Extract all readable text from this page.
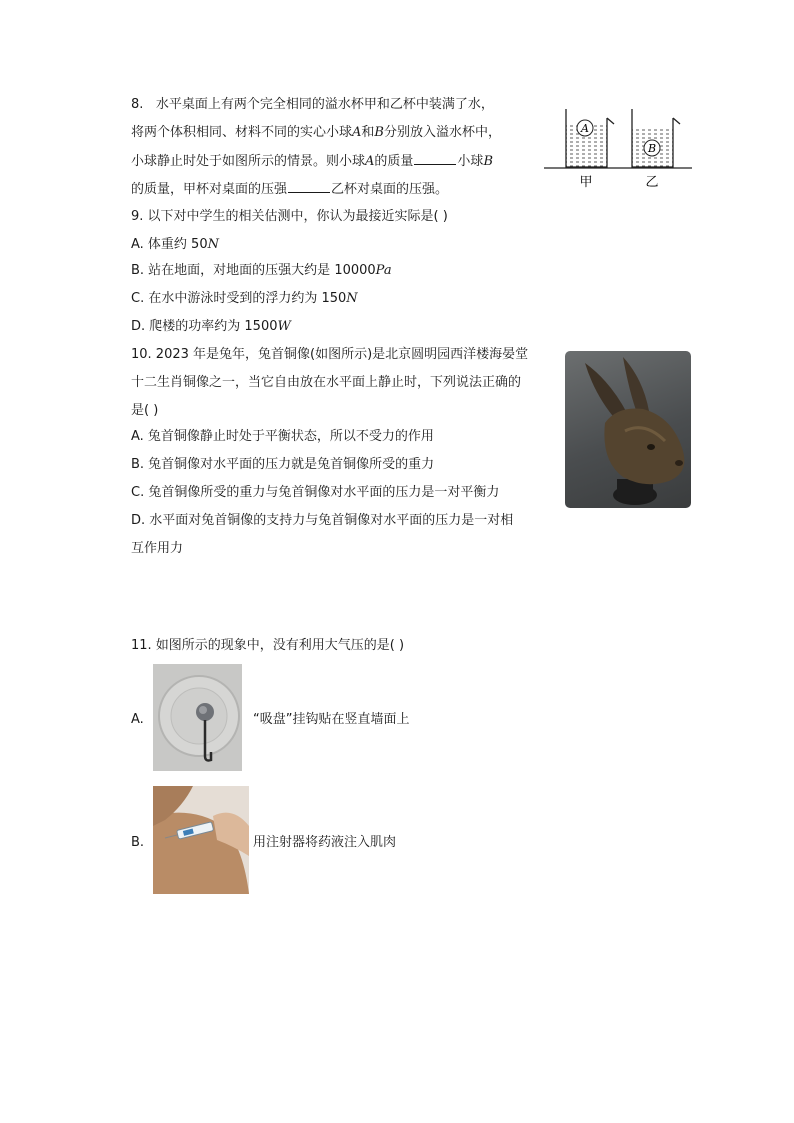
8. 水平桌面上有两个完全相同的溢水杯甲和乙杯中装满了水，
将两个体积相同、材料不同的实心小球A和B分别放入溢水杯中，
小球静止时处于如图所示的情景。则小球A的质量	小球B
的质量，甲杯对桌面的压强	乙杯对桌面的压强。
A
B
甲	乙
9. 以下对中学生的相关估测中，你认为最接近实际是( )
A. 体重约 50N
B. 站在地面，对地面的压强大约是 10000Pa
C. 在水中游泳时受到的浮力约为 150N
D. 爬楼的功率约为 1500W
10. 2023 年是兔年，兔首铜像(如图所示)是北京圆明园西洋楼海晏堂
十二生肖铜像之一，当它自由放在水平面上静止时，下列说法正确的
是( )
A. 兔首铜像静止时处于平衡状态，所以不受力的作用
B. 兔首铜像对水平面的压力就是兔首铜像所受的重力
C. 兔首铜像所受的重力与兔首铜像对水平面的压力是一对平衡力
D. 水平面对兔首铜像的支持力与兔首铜像对水平面的压力是一对相
互作用力
11. 如图所示的现象中，没有利用大气压的是( )
A.	“吸盘”挂钩贴在竖直墙面上
B.	用注射器将药液注入肌肉
